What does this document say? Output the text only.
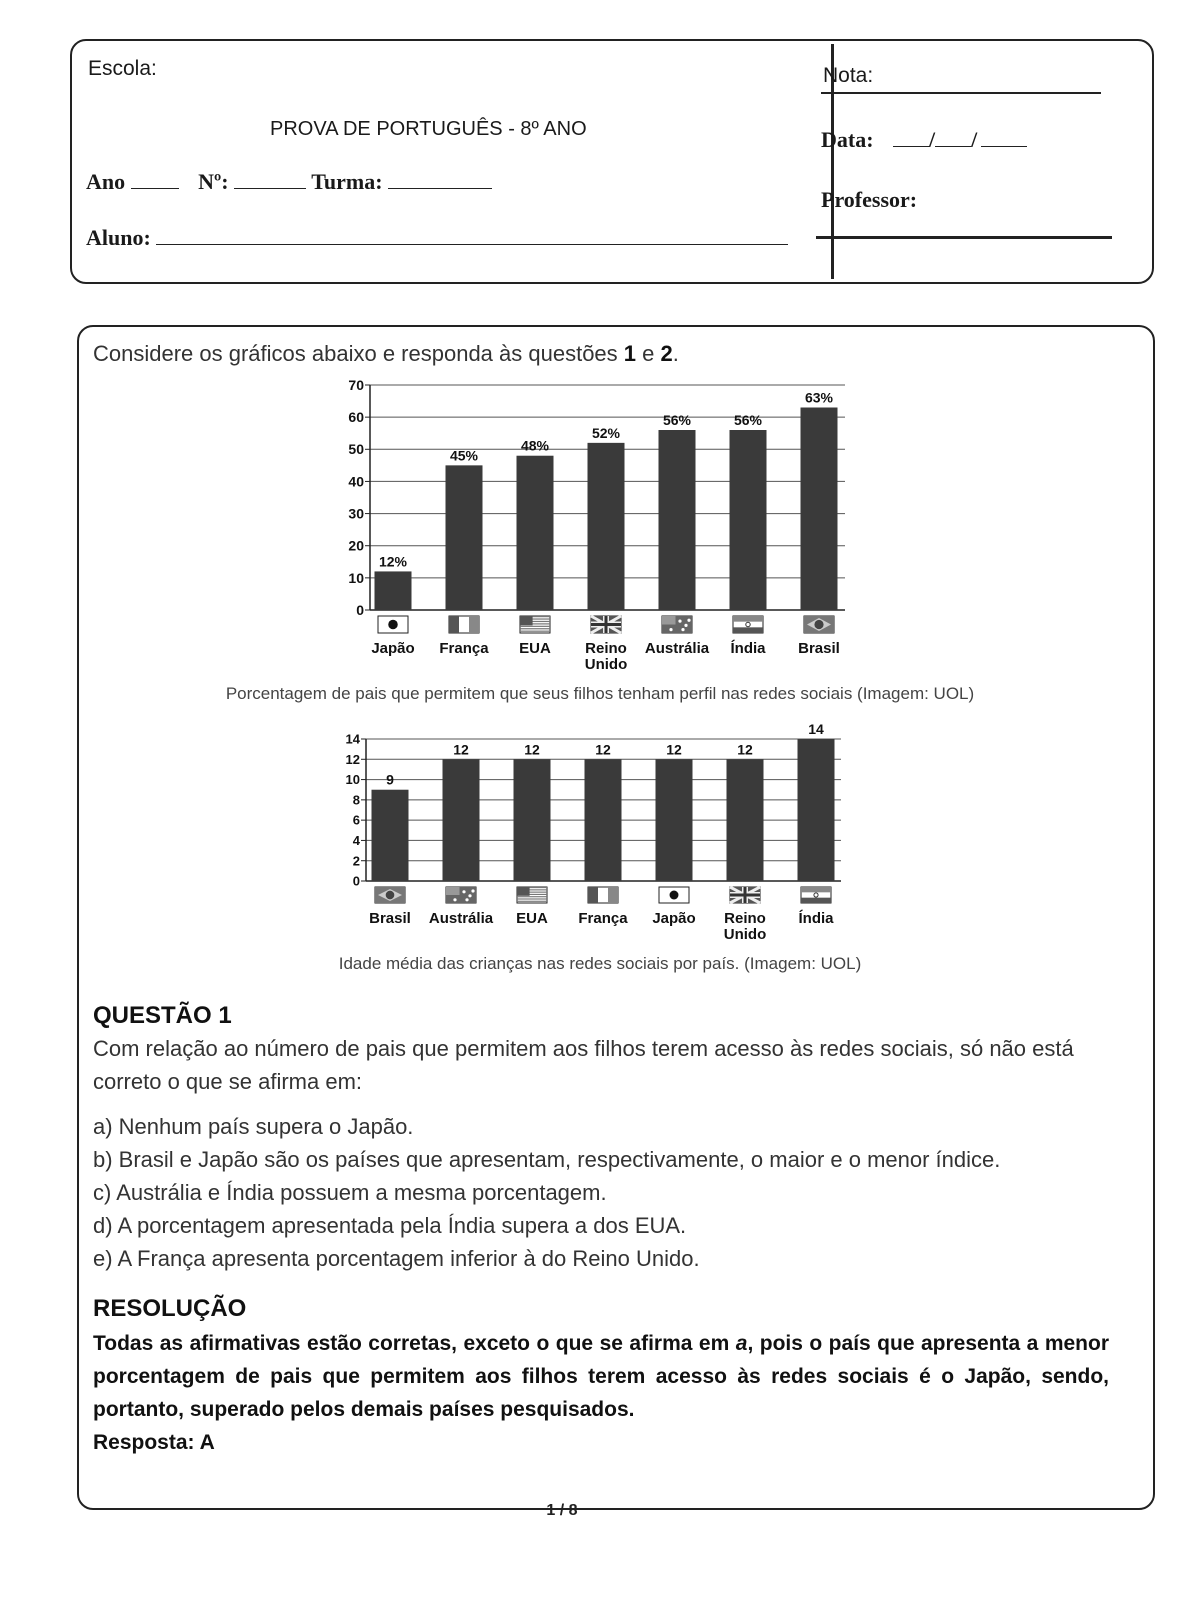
Escola:
PROVA DE PORTUGUÊS - 8º ANO
Ano	Nº:	Turma:
Aluno:
Nota:
Data:	/ /
Professor:
Considere os gráficos abaixo e responda às questões 1 e 2.
0
10
20
30
40
50
60
70
12%
Japão
45%
França
48%
EUA
52%
Reino
Unido
56%
Austrália
56%
Índia
63%
Brasil
Porcentagem de pais que permitem que seus filhos tenham perfil nas redes sociais (Imagem: UOL)
0
2
4
6
8
10
12
14
9
Brasil
12
Austrália
12
EUA
12
França
12
Japão
12
Reino
Unido
14
Índia
Idade média das crianças nas redes sociais por país. (Imagem: UOL)
QUESTÃO 1
Com relação ao número de pais que permitem aos filhos terem acesso às redes sociais, só não está correto o que se afirma em:
a) Nenhum país supera o Japão.
b) Brasil e Japão são os países que apresentam, respectivamente, o maior e o menor índice.
c) Austrália e Índia possuem a mesma porcentagem.
d) A porcentagem apresentada pela Índia supera a dos EUA.
e) A França apresenta porcentagem inferior à do Reino Unido.
RESOLUÇÃO
Todas as afirmativas estão corretas, exceto o que se afirma em a, pois o país que apresenta a menor porcentagem de pais que permitem aos filhos terem acesso às redes sociais é o Japão, sendo, portanto, superado pelos demais países pesquisados.
Resposta: A
1 / 8
